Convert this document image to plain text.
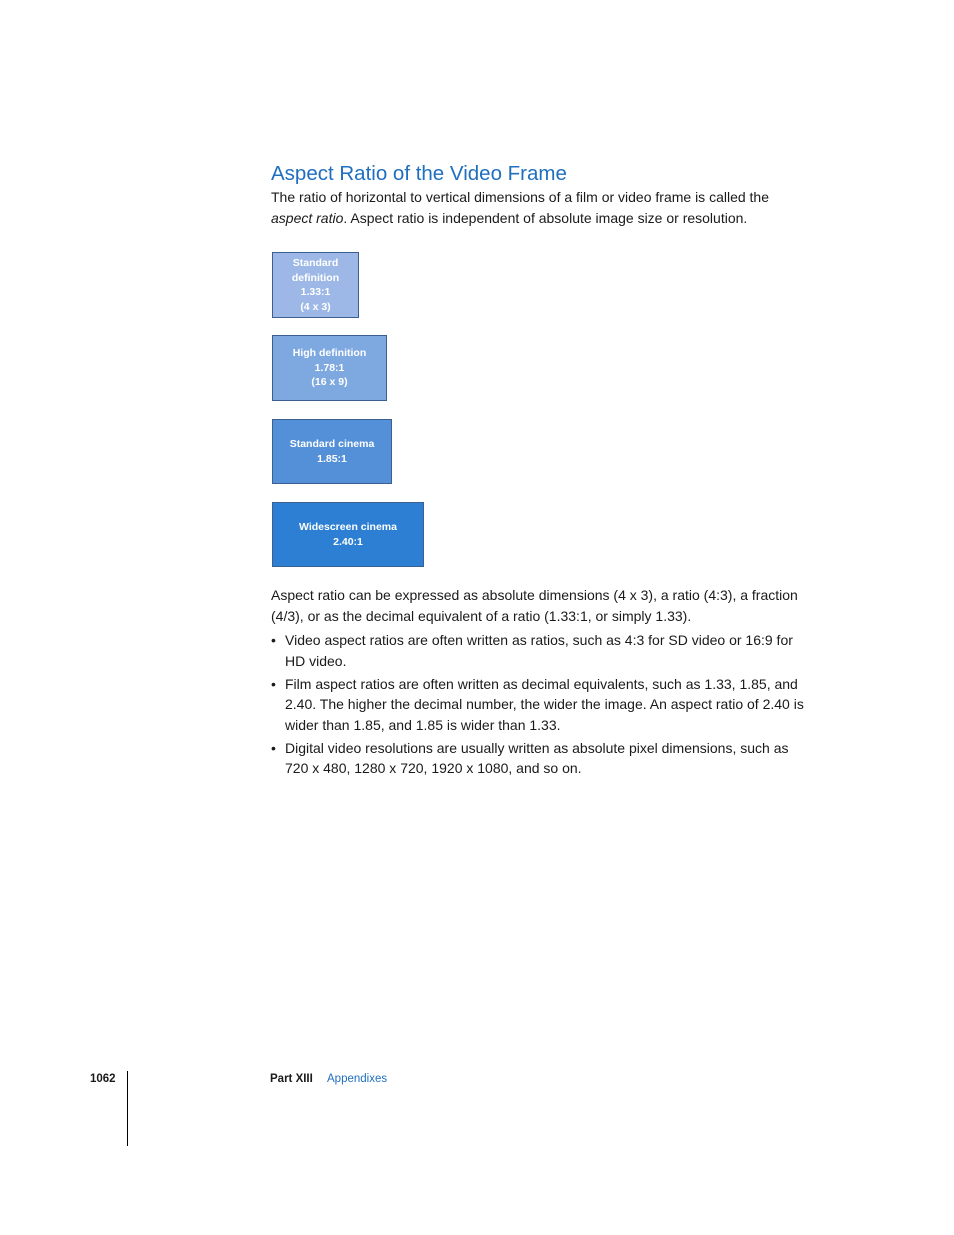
Aspect Ratio of the Video Frame

The ratio of horizontal to vertical dimensions of a film or video frame is called the aspect ratio. Aspect ratio is independent of absolute image size or resolution.

Standard
definition
1.33:1
(4 x 3)
High definition
1.78:1
(16 x 9)
Standard cinema
1.85:1
Widescreen cinema
2.40:1

Aspect ratio can be expressed as absolute dimensions (4 x 3), a ratio (4:3), a fraction (4/3), or as the decimal equivalent of a ratio (1.33:1, or simply 1.33).

• Video aspect ratios are often written as ratios, such as 4:3 for SD video or 16:9 for HD video.
• Film aspect ratios are often written as decimal equivalents, such as 1.33, 1.85, and 2.40. The higher the decimal number, the wider the image. An aspect ratio of 2.40 is wider than 1.85, and 1.85 is wider than 1.33.
• Digital video resolutions are usually written as absolute pixel dimensions, such as 720 x 480, 1280 x 720, 1920 x 1080, and so on.
1062	Part XIII Appendixes
